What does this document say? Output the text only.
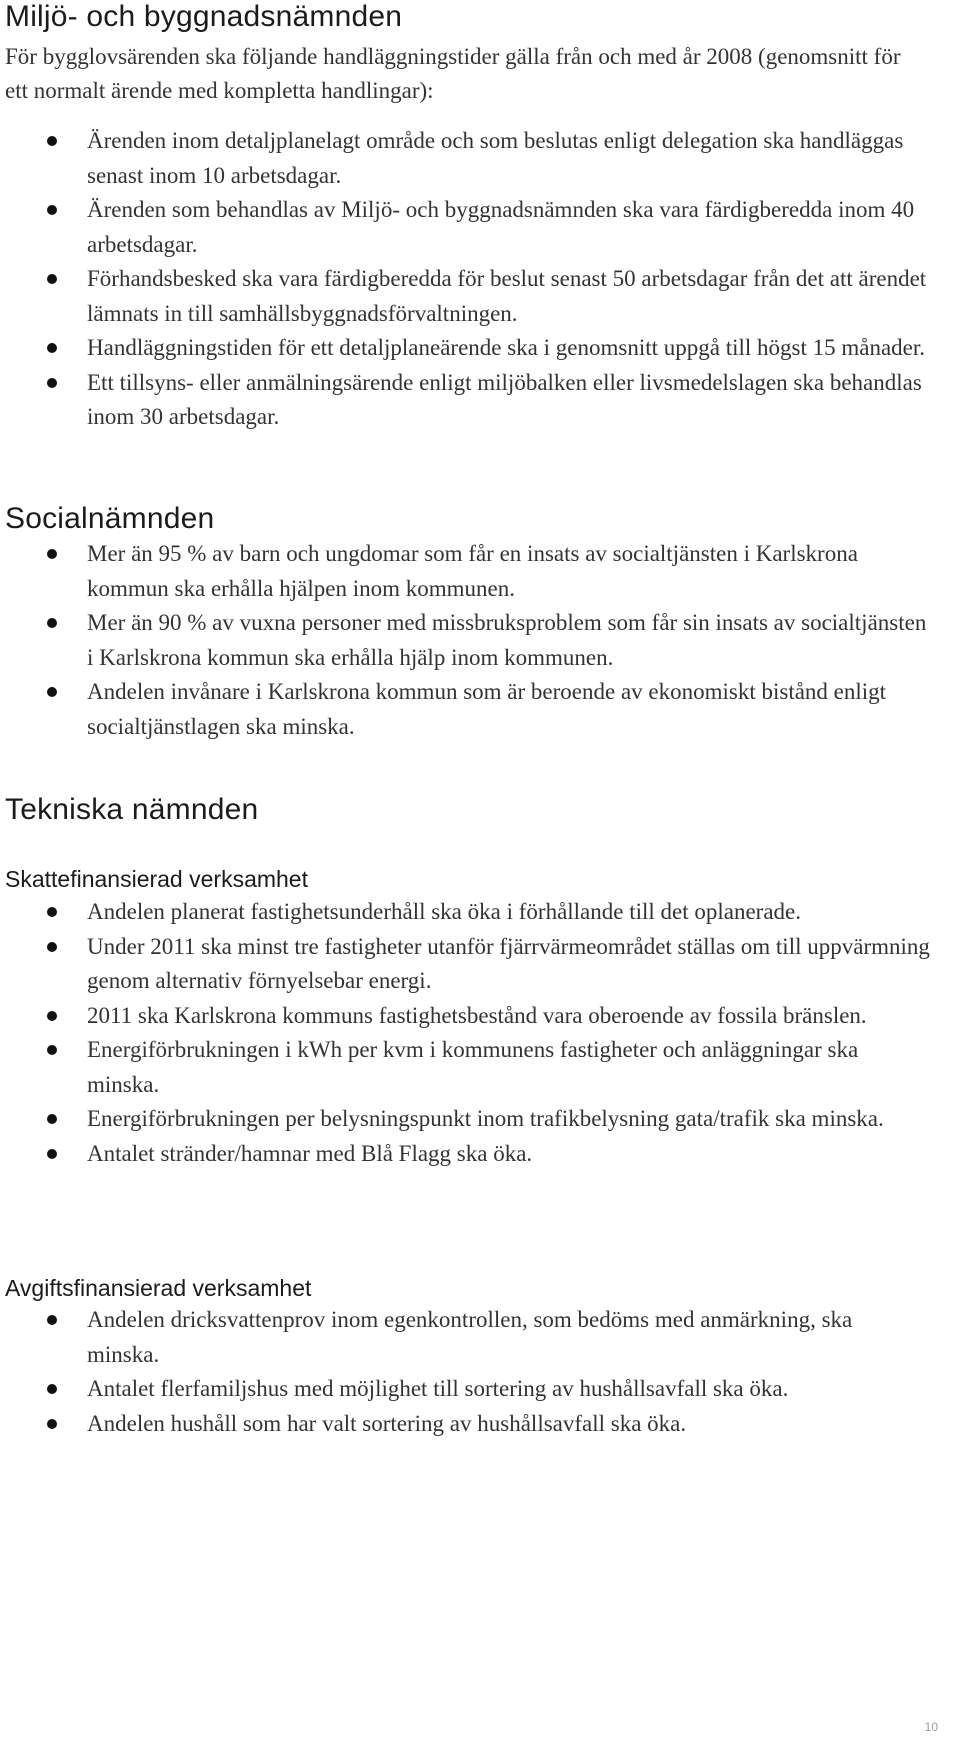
Miljö- och byggnadsnämnden

För bygglovsärenden ska följande handläggningstider gälla från och med år 2008 (genomsnitt för ett normalt ärende med kompletta handlingar):

Ärenden inom detaljplanelagt område och som beslutas enligt delegation ska handläggas senast inom 10 arbetsdagar.
Ärenden som behandlas av Miljö- och byggnadsnämnden ska vara färdigberedda inom 40 arbetsdagar.
Förhandsbesked ska vara färdigberedda för beslut senast 50 arbetsdagar från det att ärendet lämnats in till samhällsbyggnadsförvaltningen.
Handläggningstiden för ett detaljplaneärende ska i genomsnitt uppgå till högst 15 månader.
Ett tillsyns- eller anmälningsärende enligt miljöbalken eller livsmedelslagen ska behandlas inom 30 arbetsdagar.
Socialnämnden
Mer än 95 % av barn och ungdomar som får en insats av socialtjänsten i Karlskrona kommun ska erhålla hjälpen inom kommunen.
Mer än 90 % av vuxna personer med missbruksproblem som får sin insats av socialtjänsten i Karlskrona kommun ska erhålla hjälp inom kommunen.
Andelen invånare i Karlskrona kommun som är beroende av ekonomiskt bistånd enligt socialtjänstlagen ska minska.
Tekniska nämnden
Skattefinansierad verksamhet
Andelen planerat fastighetsunderhåll ska öka i förhållande till det oplanerade.
Under 2011 ska minst tre fastigheter utanför fjärrvärmeområdet ställas om till uppvärmning genom alternativ förnyelsebar energi.
2011 ska Karlskrona kommuns fastighetsbestånd vara oberoende av fossila bränslen.
Energiförbrukningen i kWh per kvm i kommunens fastigheter och anläggningar ska minska.
Energiförbrukningen per belysningspunkt inom trafikbelysning gata/trafik ska minska.
Antalet stränder/hamnar med Blå Flagg ska öka.
Avgiftsfinansierad verksamhet
Andelen dricksvattenprov inom egenkontrollen, som bedöms med anmärkning, ska minska.
Antalet flerfamiljshus med möjlighet till sortering av hushållsavfall ska öka.
Andelen hushåll som har valt sortering av hushållsavfall ska öka.
10
